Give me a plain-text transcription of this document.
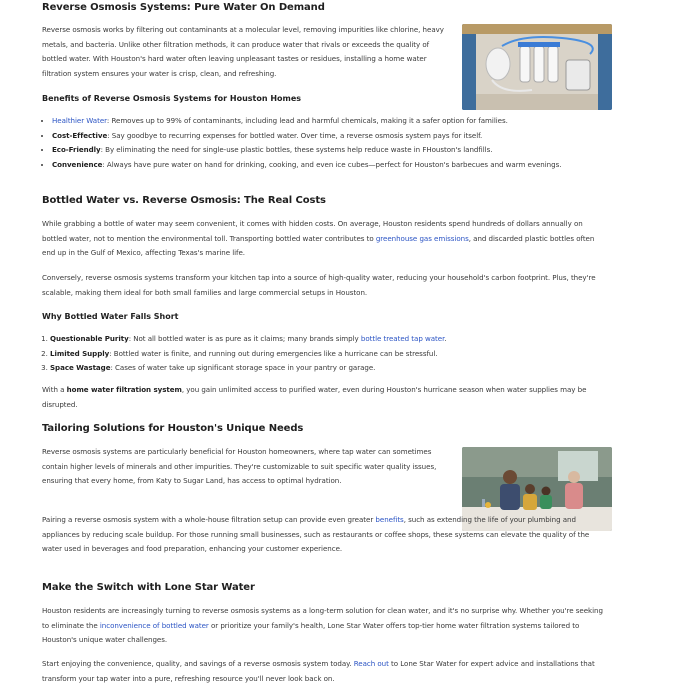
Reverse Osmosis Systems: Pure Water On Demand

Reverse osmosis works by filtering out contaminants at a molecular level, removing impurities like chlorine, heavy metals, and bacteria. Unlike other filtration methods, it can produce water that rivals or exceeds the quality of bottled water. With Houston's hard water often leaving unpleasant tastes or residues, installing a home water filtration system ensures your water is crisp, clean, and refreshing.

Benefits of Reverse Osmosis Systems for Houston Homes
• Healthier Water: Removes up to 99% of contaminants, including lead and harmful chemicals, making it a safer option for families.
• Cost-Effective: Say goodbye to recurring expenses for bottled water. Over time, a reverse osmosis system pays for itself.
• Eco-Friendly: By eliminating the need for single-use plastic bottles, these systems help reduce waste in FHouston's landfills.
• Convenience: Always have pure water on hand for drinking, cooking, and even ice cubes—perfect for Houston's barbecues and warm evenings.
Bottled Water vs. Reverse Osmosis: The Real Costs

While grabbing a bottle of water may seem convenient, it comes with hidden costs. On average, Houston residents spend hundreds of dollars annually on bottled water, not to mention the environmental toll. Transporting bottled water contributes to greenhouse gas emissions, and discarded plastic bottles often end up in the Gulf of Mexico, affecting Texas's marine life.

Conversely, reverse osmosis systems transform your kitchen tap into a source of high-quality water, reducing your household's carbon footprint. Plus, they're scalable, making them ideal for both small families and large commercial setups in Houston.

Why Bottled Water Falls Short
1. Questionable Purity: Not all bottled water is as pure as it claims; many brands simply bottle treated tap water.
2. Limited Supply: Bottled water is finite, and running out during emergencies like a hurricane can be stressful.
3. Space Wastage: Cases of water take up significant storage space in your pantry or garage.

With a home water filtration system, you gain unlimited access to purified water, even during Houston's hurricane season when water supplies may be disrupted.

Tailoring Solutions for Houston's Unique Needs

Reverse osmosis systems are particularly beneficial for Houston homeowners, where tap water can sometimes contain higher levels of minerals and other impurities. They're customizable to suit specific water quality issues, ensuring that every home, from Katy to Sugar Land, has access to optimal hydration.

Pairing a reverse osmosis system with a whole-house filtration setup can provide even greater benefits, such as extending the life of your plumbing and appliances by reducing scale buildup. For those running small businesses, such as restaurants or coffee shops, these systems can elevate the quality of the water used in beverages and food preparation, enhancing your customer experience.

Make the Switch with Lone Star Water

Houston residents are increasingly turning to reverse osmosis systems as a long-term solution for clean water, and it's no surprise why. Whether you're seeking to eliminate the inconvenience of bottled water or prioritize your family's health, Lone Star Water offers top-tier home water filtration systems tailored to Houston's unique water challenges.

Start enjoying the convenience, quality, and savings of a reverse osmosis system today. Reach out to Lone Star Water for expert advice and installations that transform your tap water into a pure, refreshing resource you'll never look back on.
